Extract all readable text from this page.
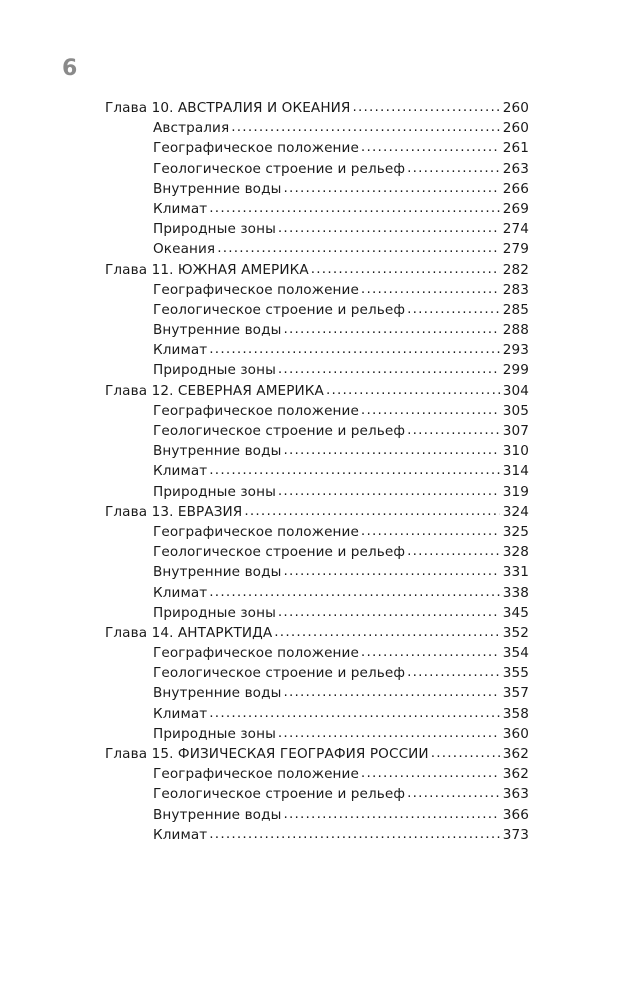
6
Глава 10. АВСТРАЛИЯ И ОКЕАНИЯ .....	260
Австралия .....	260
Географическое положение .....	261
Геологическое строение и рельеф .....	263
Внутренние воды .....	266
Климат .....	269
Природные зоны .....	274
Океания .....	279
Глава 11. ЮЖНАЯ АМЕРИКА .....	282
Географическое положение .....	283
Геологическое строение и рельеф .....	285
Внутренние воды .....	288
Климат .....	293
Природные зоны .....	299
Глава 12. СЕВЕРНАЯ АМЕРИКА .....	304
Географическое положение .....	305
Геологическое строение и рельеф .....	307
Внутренние воды .....	310
Климат .....	314
Природные зоны .....	319
Глава 13. ЕВРАЗИЯ .....	324
Географическое положение .....	325
Геологическое строение и рельеф .....	328
Внутренние воды .....	331
Климат .....	338
Природные зоны .....	345
Глава 14. АНТАРКТИДА .....	352
Географическое положение .....	354
Геологическое строение и рельеф .....	355
Внутренние воды .....	357
Климат .....	358
Природные зоны .....	360
Глава 15. ФИЗИЧЕСКАЯ ГЕОГРАФИЯ РОССИИ .....	362
Географическое положение .....	362
Геологическое строение и рельеф .....	363
Внутренние воды .....	366
Климат .....	373
